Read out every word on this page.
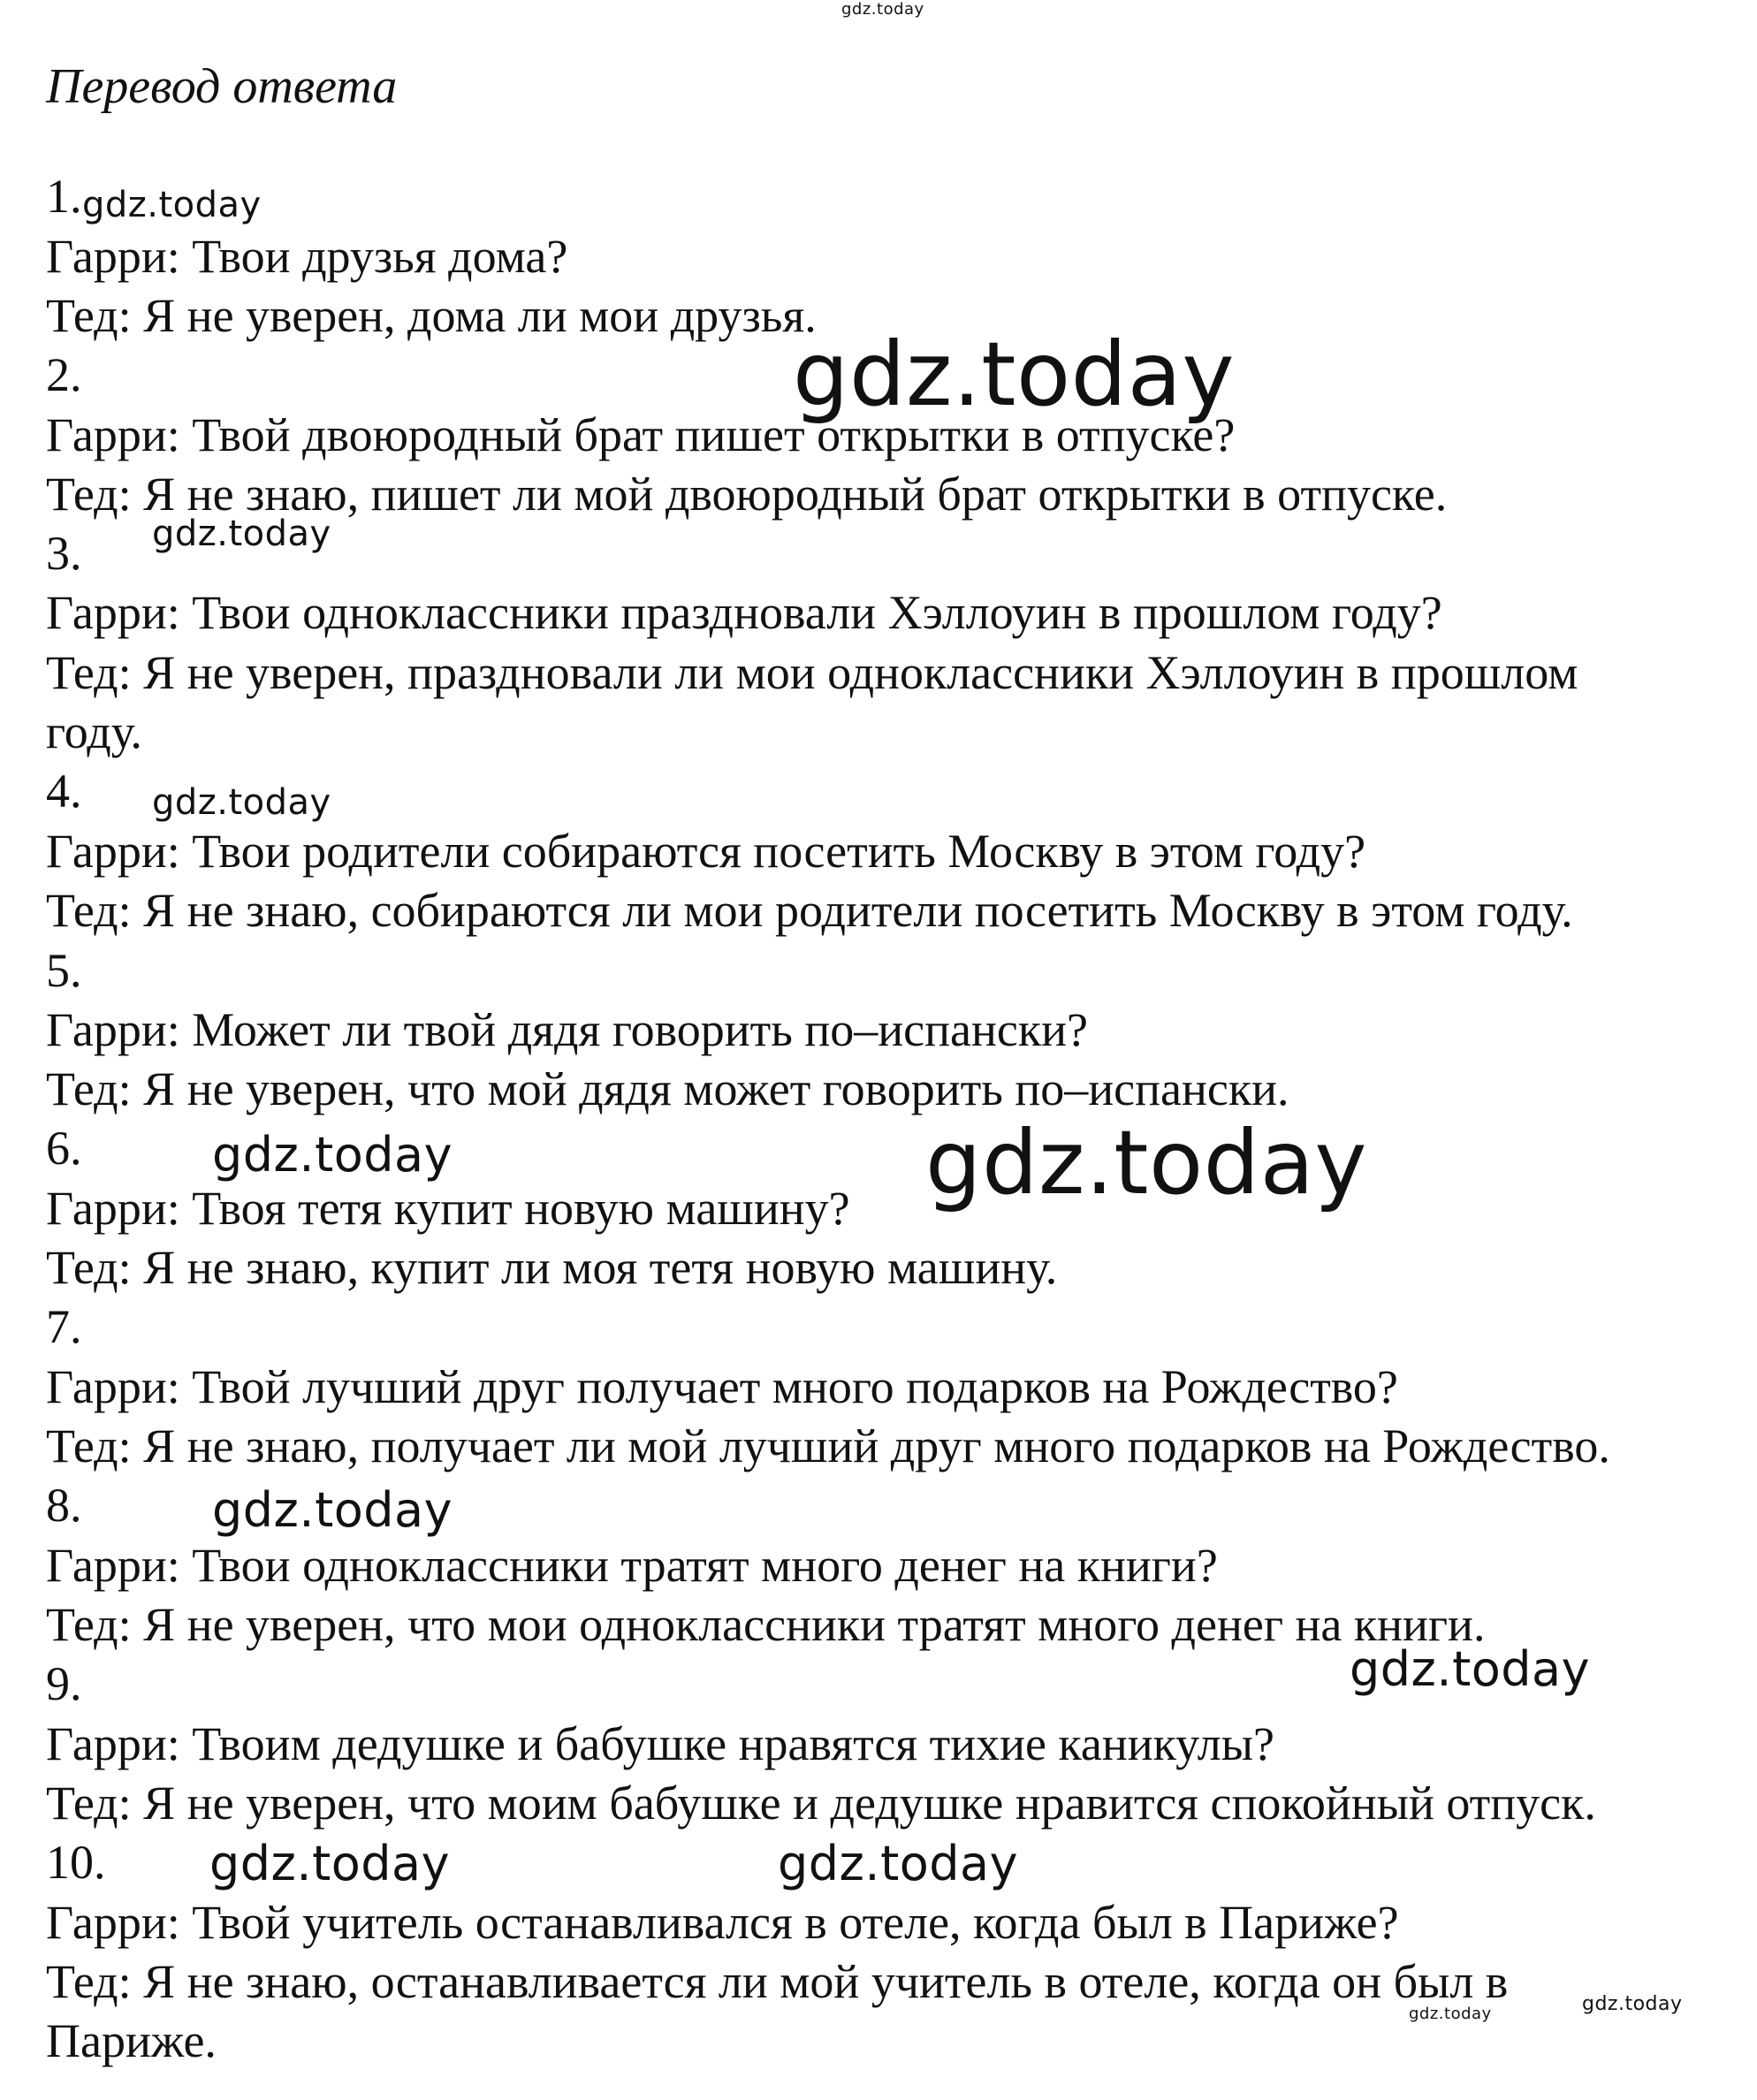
Перевод ответа
1.
Гарри: Твои друзья дома?
Тед: Я не уверен, дома ли мои друзья.
2.
Гарри: Твой двоюродный брат пишет открытки в отпуске?
Тед: Я не знаю, пишет ли мой двоюродный брат открытки в отпуске.
3.
Гарри: Твои одноклассники праздновали Хэллоуин в прошлом году?
Тед: Я не уверен, праздновали ли мои одноклассники Хэллоуин в прошлом
году.
4.
Гарри: Твои родители собираются посетить Москву в этом году?
Тед: Я не знаю, собираются ли мои родители посетить Москву в этом году.
5.
Гарри: Может ли твой дядя говорить по–испански?
Тед: Я не уверен, что мой дядя может говорить по–испански.
6.
Гарри: Твоя тетя купит новую машину?
Тед: Я не знаю, купит ли моя тетя новую машину.
7.
Гарри: Твой лучший друг получает много подарков на Рождество?
Тед: Я не знаю, получает ли мой лучший друг много подарков на Рождество.
8.
Гарри: Твои одноклассники тратят много денег на книги?
Тед: Я не уверен, что мои одноклассники тратят много денег на книги.
9.
Гарри: Твоим дедушке и бабушке нравятся тихие каникулы?
Тед: Я не уверен, что моим бабушке и дедушке нравится спокойный отпуск.
10.
Гарри: Твой учитель останавливался в отеле, когда был в Париже?
Тед: Я не знаю, останавливается ли мой учитель в отеле, когда он был в
Париже.
gdz.today
gdz.today
gdz.today
gdz.today
gdz.today
gdz.today	gdz.today
gdz.today
gdz.today
gdz.today	gdz.today
gdz.today	gdz.today
